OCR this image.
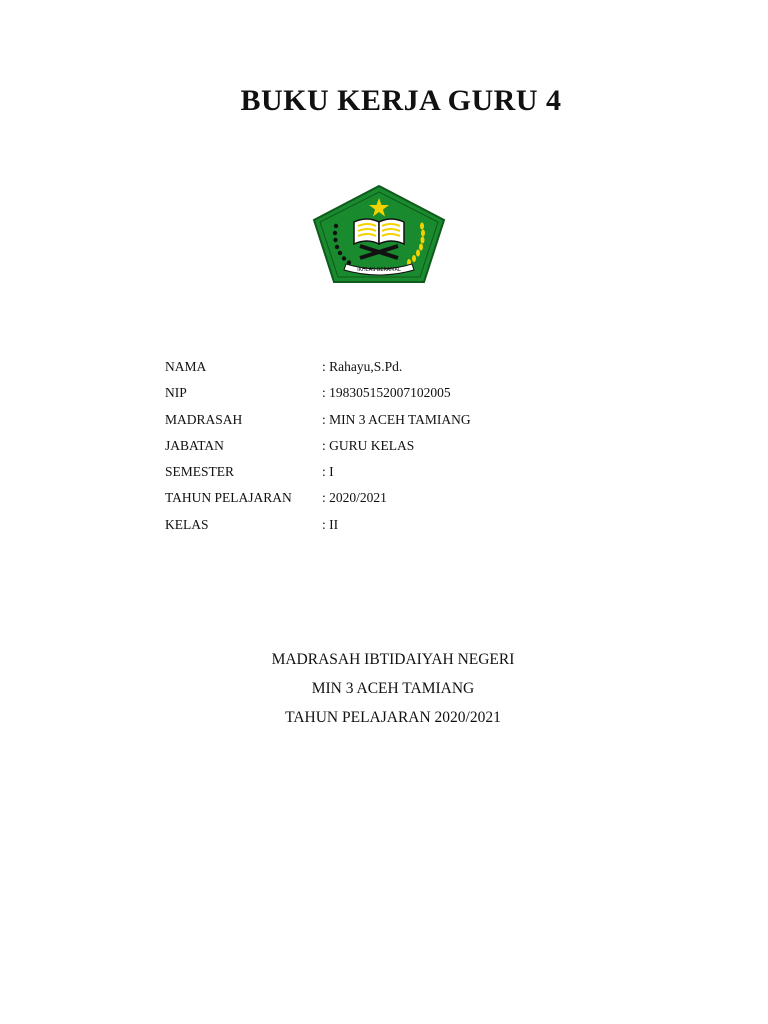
BUKU KERJA GURU 4
IKHLAS BERAMAL
NAMA	: Rahayu,S.Pd.
NIP	: 198305152007102005
MADRASAH	: MIN 3 ACEH TAMIANG
JABATAN	: GURU KELAS
SEMESTER	: I
TAHUN PELAJARAN : 2020/2021
KELAS	: II
MADRASAH IBTIDAIYAH NEGERI
MIN 3 ACEH TAMIANG
TAHUN PELAJARAN 2020/2021
